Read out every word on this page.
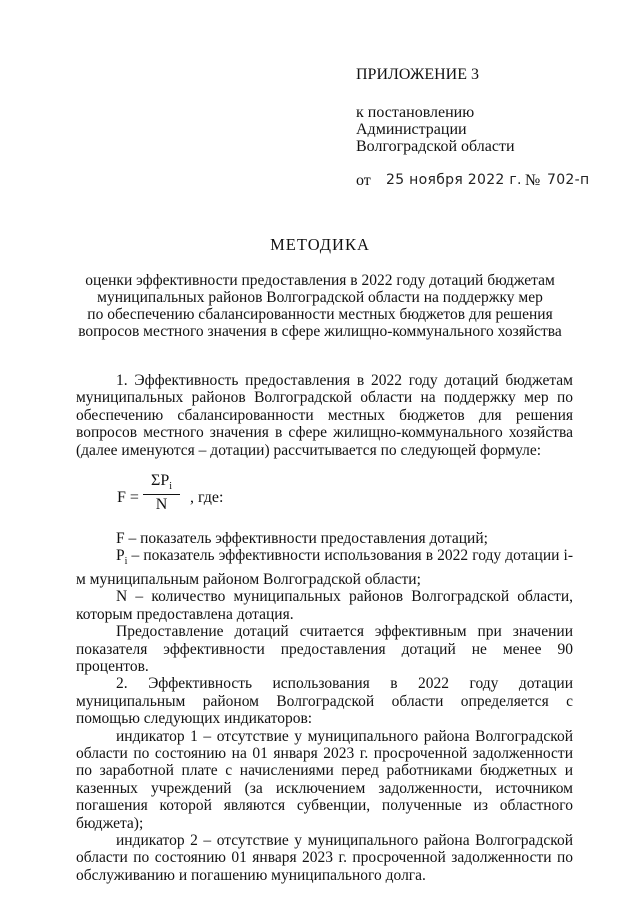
ПРИЛОЖЕНИЕ 3
к постановлению
Администрации
Волгоградской области
от 25 ноября 2022 г. № 702-п
МЕТОДИКА
оценки эффективности предоставления в 2022 году дотаций бюджетам
муниципальных районов Волгоградской области на поддержку мер
по обеспечению сбалансированности местных бюджетов для решения
вопросов местного значения в сфере жилищно-коммунального хозяйства

1. Эффективность предоставления в 2022 году дотаций бюджетам муниципальных районов Волгоградской области на поддержку мер по обеспечению сбалансированности местных бюджетов для решения вопросов местного значения в сфере жилищно-коммунального хозяйства (далее именуются – дотации) рассчитывается по следующей формуле:

F =
$\Sigma P_i$
N , где:

F – показатель эффективности предоставления дотаций;

$P_i$ – показатель эффективности использования в 2022 году дотации i-м муниципальным районом Волгоградской области;

N – количество муниципальных районов Волгоградской области, которым предоставлена дотация.

Предоставление дотаций считается эффективным при значении показателя эффективности предоставления дотаций не менее 90 процентов.

2.     Эффективность     использования     в     2022     году     дотации

муниципальным районом Волгоградской области определяется с помощью следующих индикаторов:

индикатор 1 – отсутствие у муниципального района Волгоградской области по состоянию на 01 января 2023 г. просроченной задолженности по заработной плате с начислениями перед работниками бюджетных и казенных учреждений (за исключением задолженности, источником погашения которой являются субвенции, полученные из областного бюджета);

индикатор 2 – отсутствие у муниципального района Волгоградской области по состоянию 01 января 2023 г. просроченной задолженности по обслуживанию и погашению муниципального долга.
